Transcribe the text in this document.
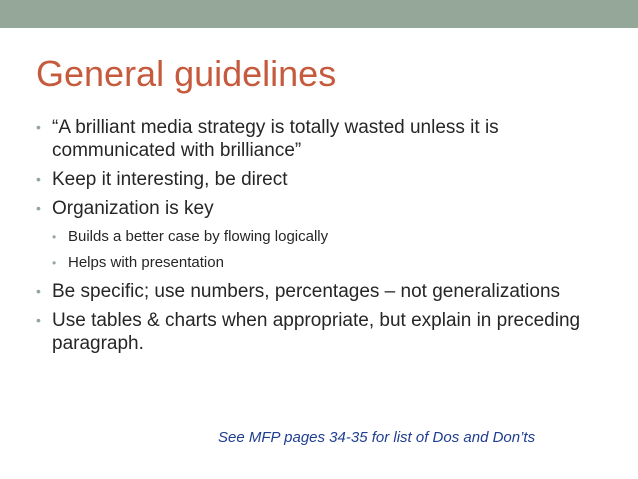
General guidelines
• “A brilliant media strategy is totally wasted unless it is communicated with brilliance”
• Keep it interesting, be direct
• Organization is key
• Builds a better case by flowing logically
• Helps with presentation
• Be specific; use numbers, percentages – not generalizations
• Use tables & charts when appropriate, but explain in preceding paragraph.

See MFP pages 34-35 for list of Dos and Don’ts
